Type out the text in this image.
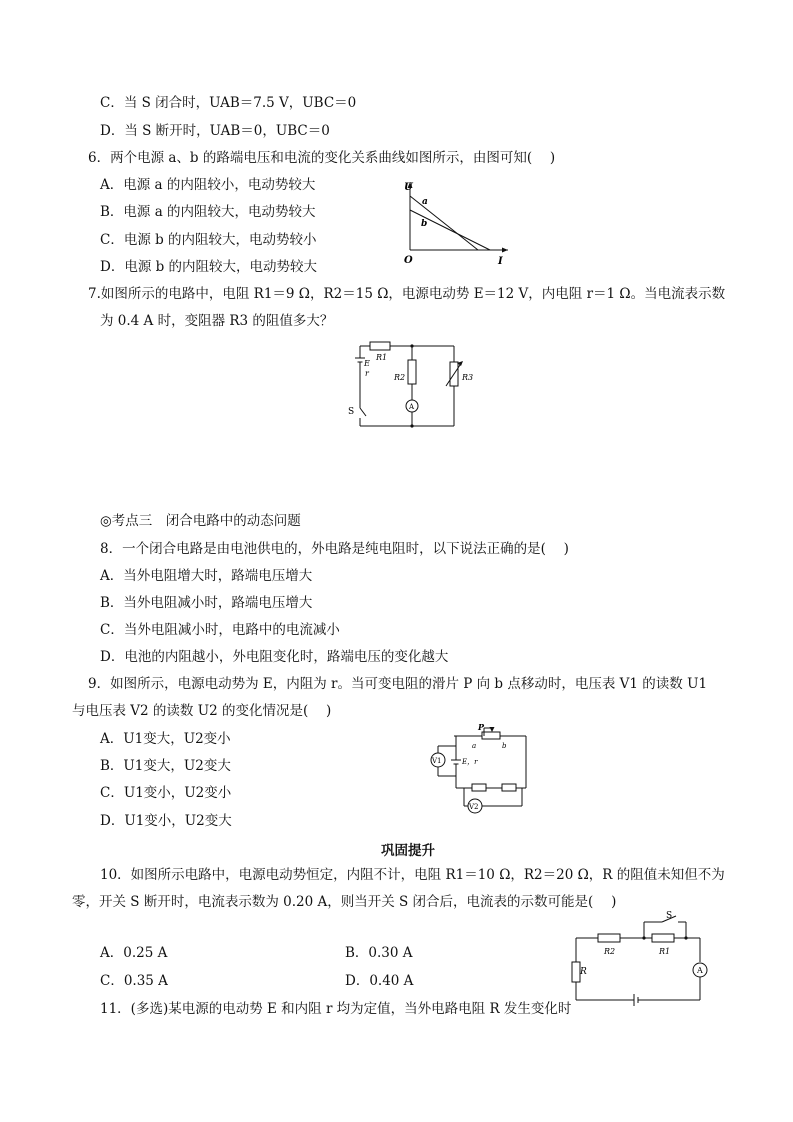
C．当 S 闭合时，UAB＝7.5 V，UBC＝0
D．当 S 断开时，UAB＝0，UBC＝0
6．两个电源 a、b 的路端电压和电流的变化关系曲线如图所示，由图可知(　 )
A．电源 a 的内阻较小，电动势较大
B．电源 a 的内阻较大，电动势较大
C．电源 b 的内阻较大，电动势较小
D．电源 b 的内阻较大，电动势较大
7.如图所示的电路中，电阻 R1＝9 Ω，R2＝15 Ω，电源电动势 E＝12 V，内电阻 r＝1 Ω。当电流表示数
为 0.4 A 时，变阻器 R3 的阻值多大？
◎考点三　闭合电路中的动态问题
8．一个闭合电路是由电池供电的，外电路是纯电阻时，以下说法正确的是(　 )
A．当外电阻增大时，路端电压增大
B．当外电阻减小时，路端电压增大
C．当外电阻减小时，电路中的电流减小
D．电池的内阻越小，外电阻变化时，路端电压的变化越大
9．如图所示，电源电动势为 E，内阻为 r。当可变电阻的滑片 P 向 b 点移动时，电压表 V1 的读数 U1
与电压表 V2 的读数 U2 的变化情况是(　 )
A．U1变大，U2变小
B．U1变大，U2变大
C．U1变小，U2变小
D．U1变小，U2变大
巩固提升
10．如图所示电路中，电源电动势恒定，内阻不计，电阻 R1＝10 Ω，R2＝20 Ω，R 的阻值未知但不为
零，开关 S 断开时，电流表示数为 0.20 A，则当开关 S 闭合后，电流表的示数可能是(　 )
A．0.25 A	B．0.30 A
C．0.35 A	D．0.40 A
11．(多选)某电源的电动势 E 和内阻 r 均为定值，当外电路电阻 R 发生变化时
U
I
O
a
b
E
r
R1
R2	R3
S	A
P
a	b
E，r
V1
V2
S
R2	R1
R	A
